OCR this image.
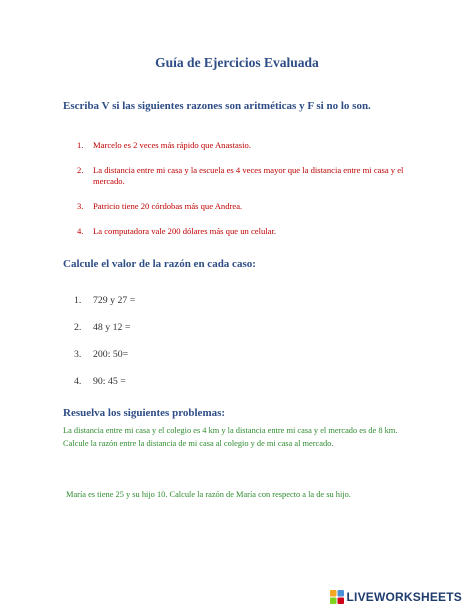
Guía de Ejercicios Evaluada
Escriba V si las siguientes razones son aritméticas y F si no lo son.
1. Marcelo es 2 veces más rápido que Anastasio.
2. La distancia entre mi casa y la escuela es 4 veces mayor que la distancia entre mi casa y el mercado.
3. Patricio tiene 20 córdobas más que Andrea.
4. La computadora vale 200 dólares más que un celular.
Calcule el valor de la razón en cada caso:
1. 729 y 27 =
2. 48 y 12 =
3. 200: 50=
4. 90: 45 =
Resuelva los siguientes problemas:

La distancia entre mi casa y el colegio es 4 km y la distancia entre mi casa y el mercado es de 8 km. Calcule la razón entre la distancia de mi casa al colegio y de mi casa al mercado.

María es tiene 25 y su hijo 10. Calcule la razón de María con respecto a la de su hijo.

LIVEWORKSHEETS
